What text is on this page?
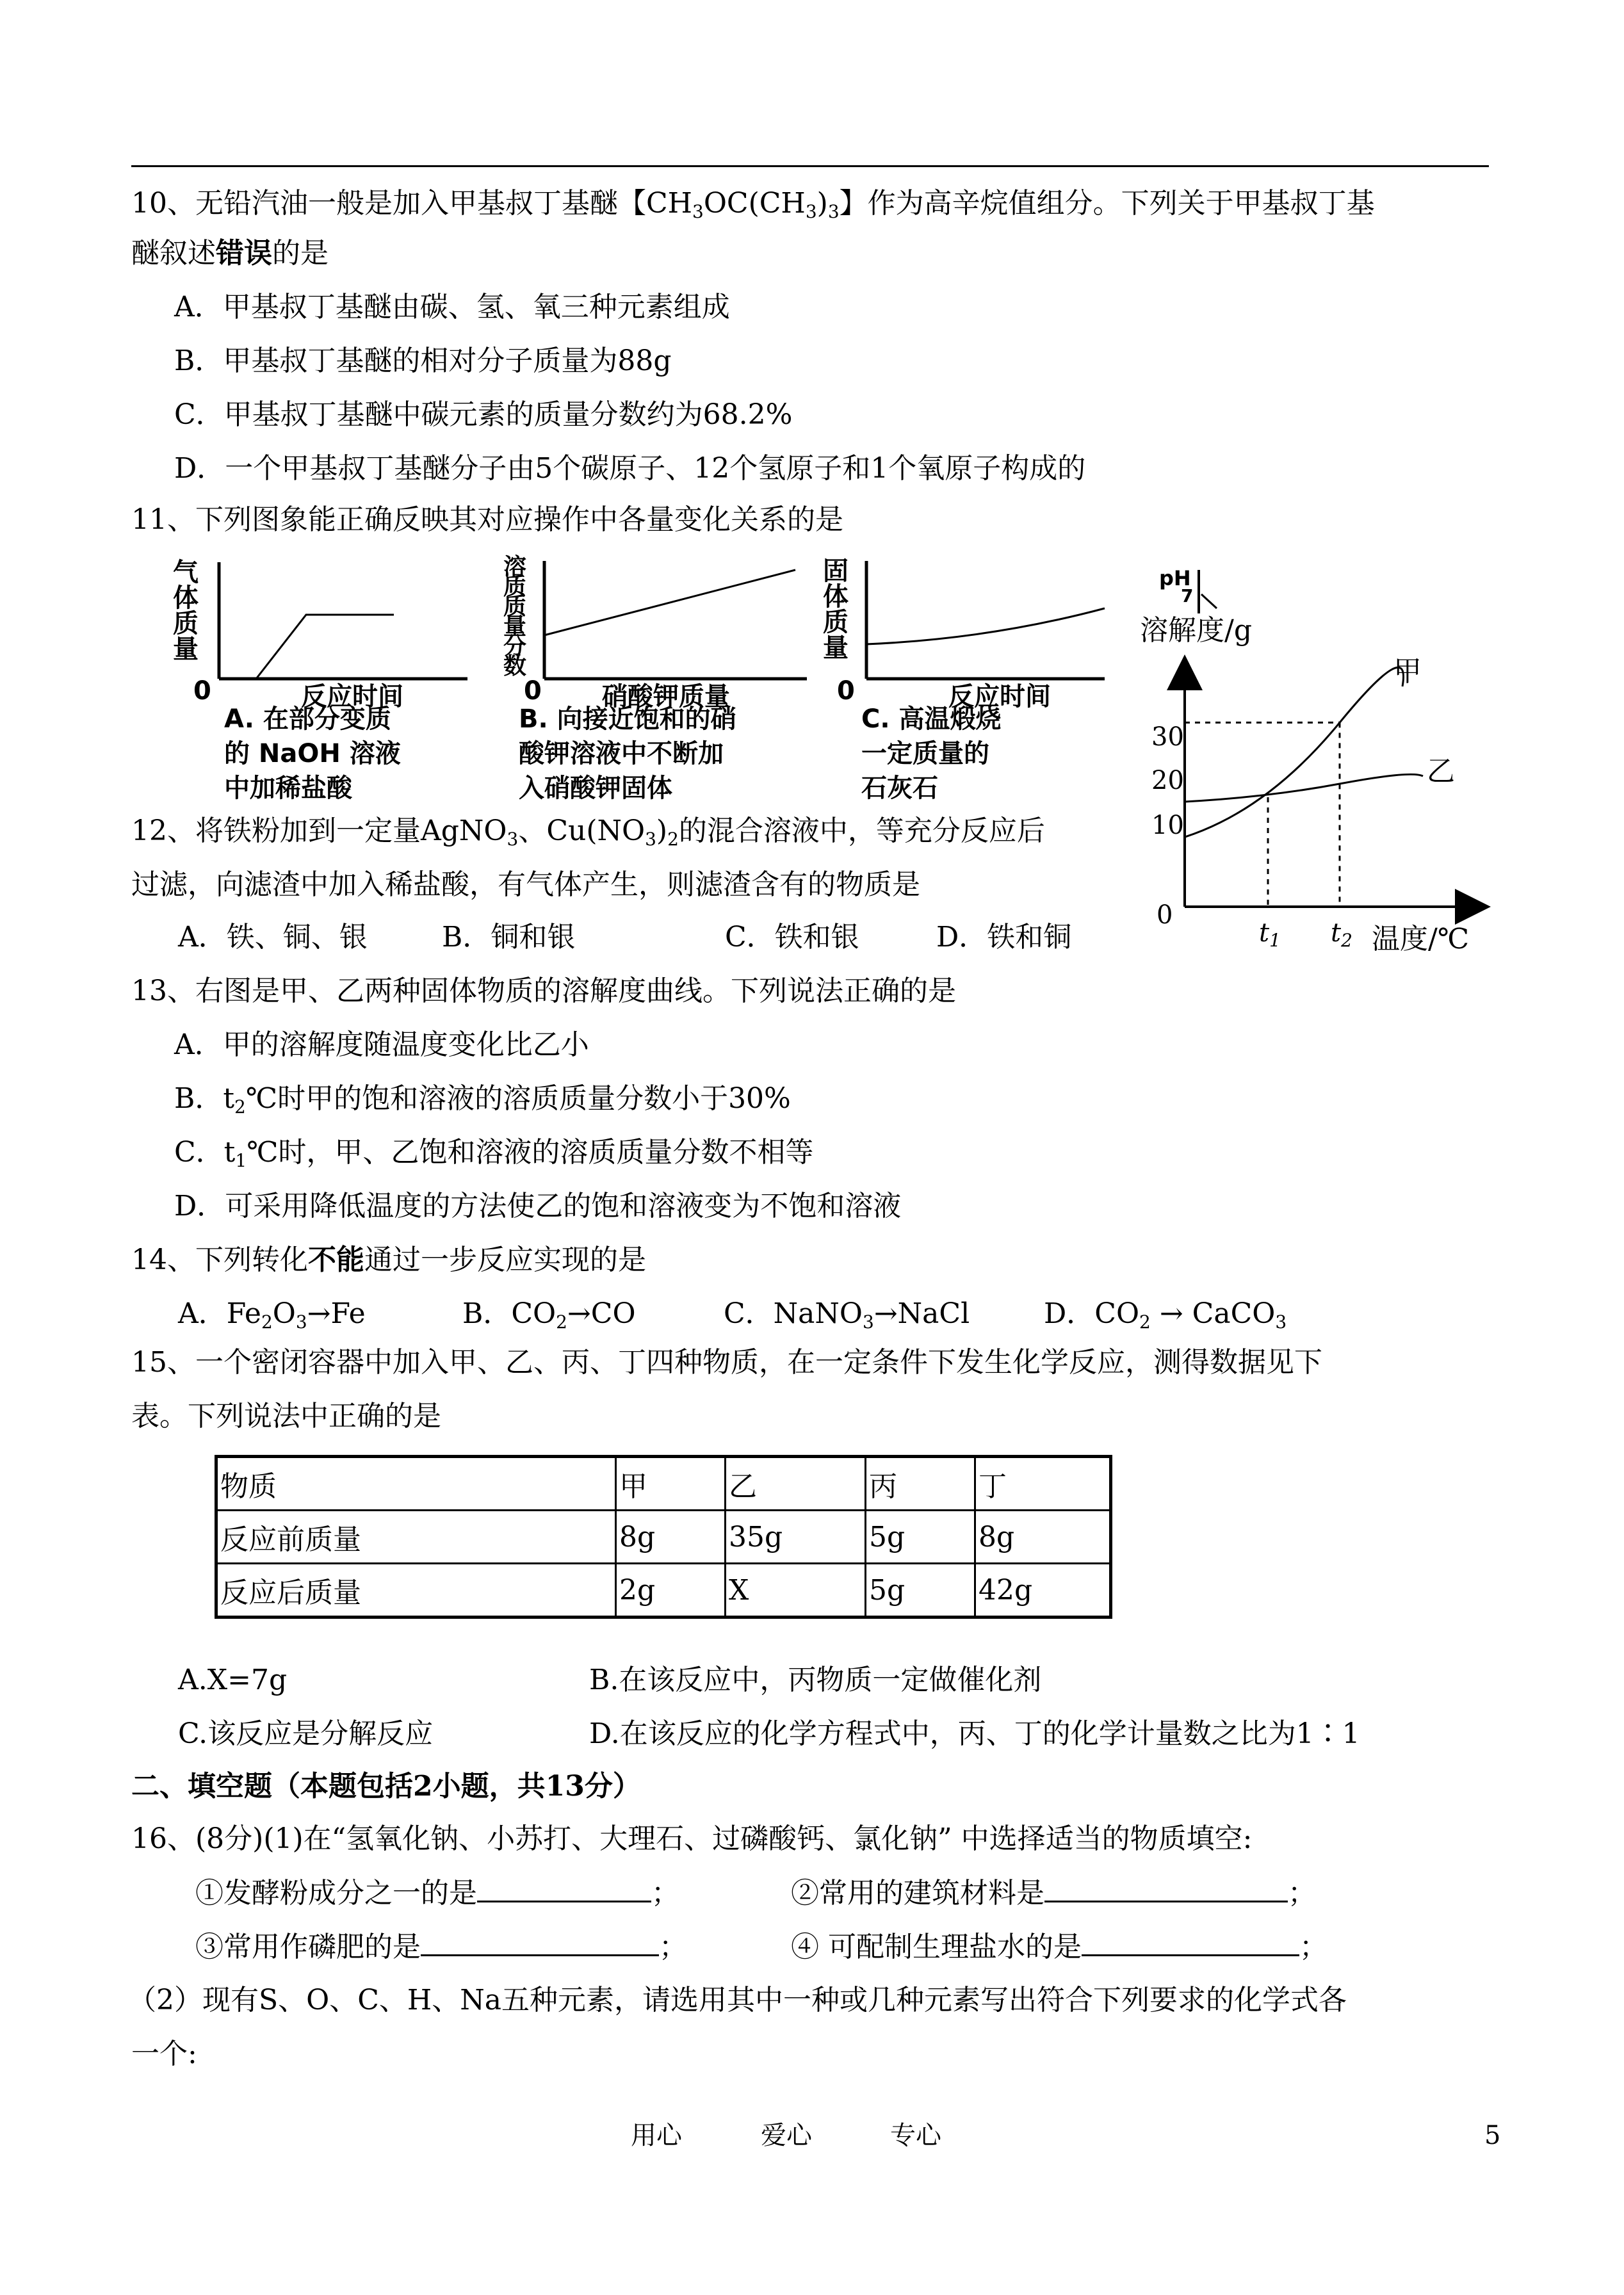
10、无铅汽油一般是加入甲基叔丁基醚【$CH_3OC(CH_3)_3$】作为高辛烷值组分。下列关于甲基叔丁基
醚叙述错误的是
A．甲基叔丁基醚由碳、氢、氧三种元素组成
B．甲基叔丁基醚的相对分子质量为88g
C．甲基叔丁基醚中碳元素的质量分数约为68.2%
D．一个甲基叔丁基醚分子由5个碳原子、12个氢原子和1个氧原子构成的
11、下列图象能正确反映其对应操作中各量变化关系的是
气
体
质
量
0	反应时间
A. 在部分变质
的 NaOH 溶液
中加稀盐酸
溶
质
质
量
分
数
0 硝酸钾质量
B. 向接近饱和的硝
酸钾溶液中不断加
入硝酸钾固体
固
体
质
量
0	反应时间
C. 高温煅烧
一定质量的
石灰石
pH
7
溶解度/g
30
20
10
0
$t_1$ $t_2$ 温度/℃
甲
乙
12、将铁粉加到一定量AgNO$_3$、$Cu(NO_3)_2$的混合溶液中，等充分反应后
过滤，向滤渣中加入稀盐酸，有气体产生，则滤渣含有的物质是
A．铁、铜、银	B．铜和银	C．铁和银	D．铁和铜
13、右图是甲、乙两种固体物质的溶解度曲线。下列说法正确的是
A．甲的溶解度随温度变化比乙小
B．$t_2℃$时甲的饱和溶液的溶质质量分数小于30%
C．$t_1℃$时，甲、乙饱和溶液的溶质质量分数不相等
D．可采用降低温度的方法使乙的饱和溶液变为不饱和溶液
14、下列转化不能通过一步反应实现的是
A．$Fe_2O_3\to Fe$	B．$CO_2\to CO$	C．NaNO$_3$→NaCl	D．$CO_2$ → CaCO$_3$
15、一个密闭容器中加入甲、乙、丙、丁四种物质，在一定条件下发生化学反应，测得数据见下
表。下列说法中正确的是
物质	甲	乙	丙	丁
反应前质量	8g	35g	5g	8g
反应后质量	2g	X	5g	42g
A.X=7g	B.在该反应中，丙物质一定做催化剂
C.该反应是分解反应	D.在该反应的化学方程式中，丙、丁的化学计量数之比为1∶1
二、填空题（本题包括2小题，共13分）
16、(8分)(1)在“氢氧化钠、小苏打、大理石、过磷酸钙、氯化钠” 中选择适当的物质填空:
①发酵粉成分之一的是	；	②常用的建筑材料是	；
③常用作磷肥的是	；	④ 可配制生理盐水的是	；
（2）现有S、O、C、H、Na五种元素，请选用其中一种或几种元素写出符合下列要求的化学式各
一个:
用心	爱心	专心	5
